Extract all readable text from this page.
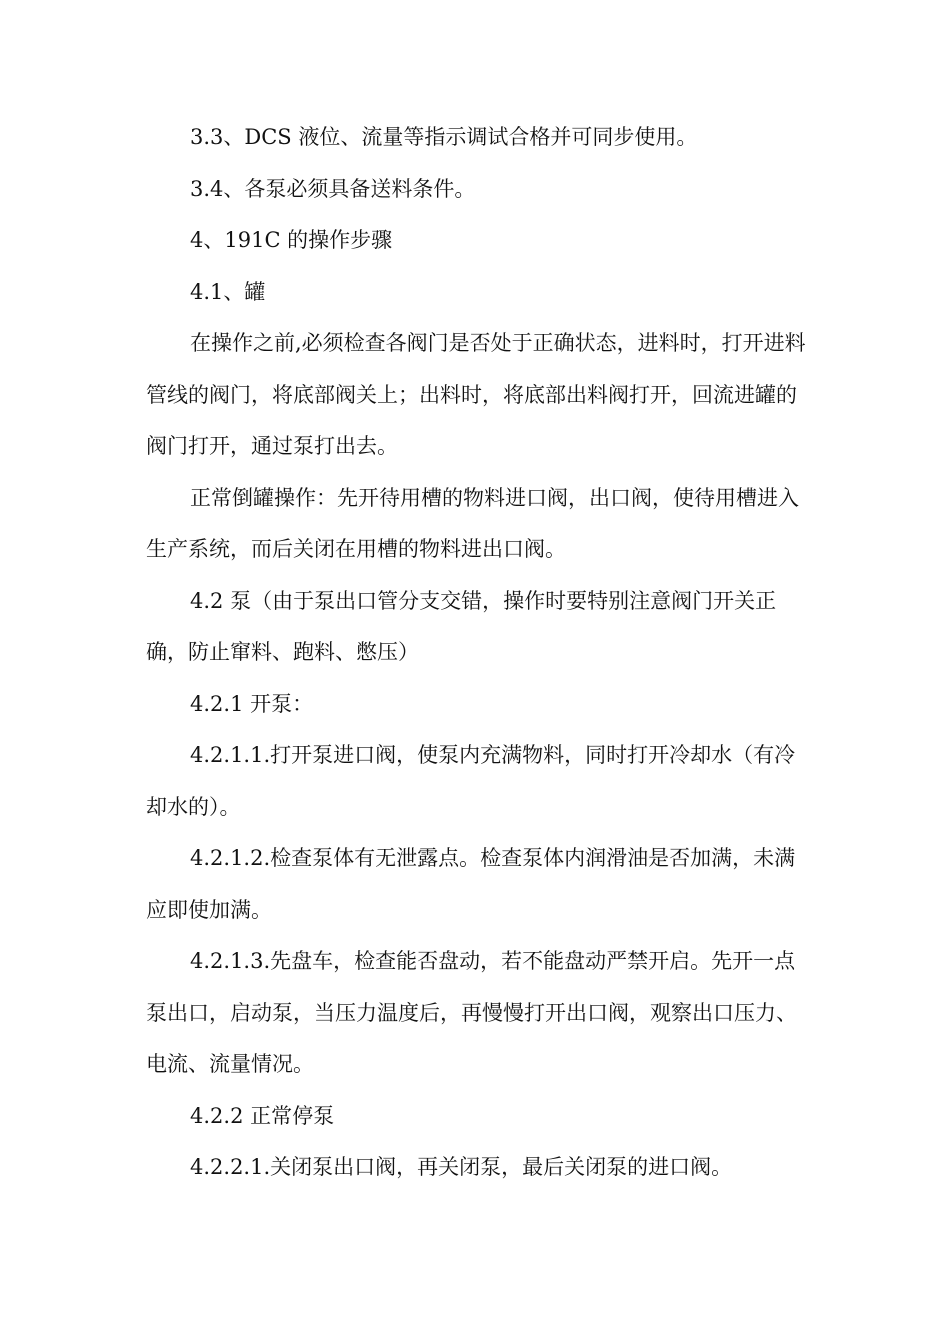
3.3、DCS 液位、流量等指示调试合格并可同步使用。

3.4、各泵必须具备送料条件。

4、191C 的操作步骤

4.1、罐

在操作之前,必须检查各阀门是否处于正确状态，进料时，打开进料管线的阀门，将底部阀关上；出料时，将底部出料阀打开，回流进罐的阀门打开，通过泵打出去。

正常倒罐操作：先开待用槽的物料进口阀，出口阀，使待用槽进入生产系统，而后关闭在用槽的物料进出口阀。

4.2 泵（由于泵出口管分支交错，操作时要特别注意阀门开关正确，防止窜料、跑料、憋压）

4.2.1 开泵：

4.2.1.1.打开泵进口阀，使泵内充满物料，同时打开冷却水（有冷却水的）。

4.2.1.2.检查泵体有无泄露点。检查泵体内润滑油是否加满，未满应即使加满。

4.2.1.3.先盘车，检查能否盘动，若不能盘动严禁开启。先开一点泵出口，启动泵，当压力温度后，再慢慢打开出口阀，观察出口压力、电流、流量情况。

4.2.2 正常停泵

4.2.2.1.关闭泵出口阀，再关闭泵，最后关闭泵的进口阀。
